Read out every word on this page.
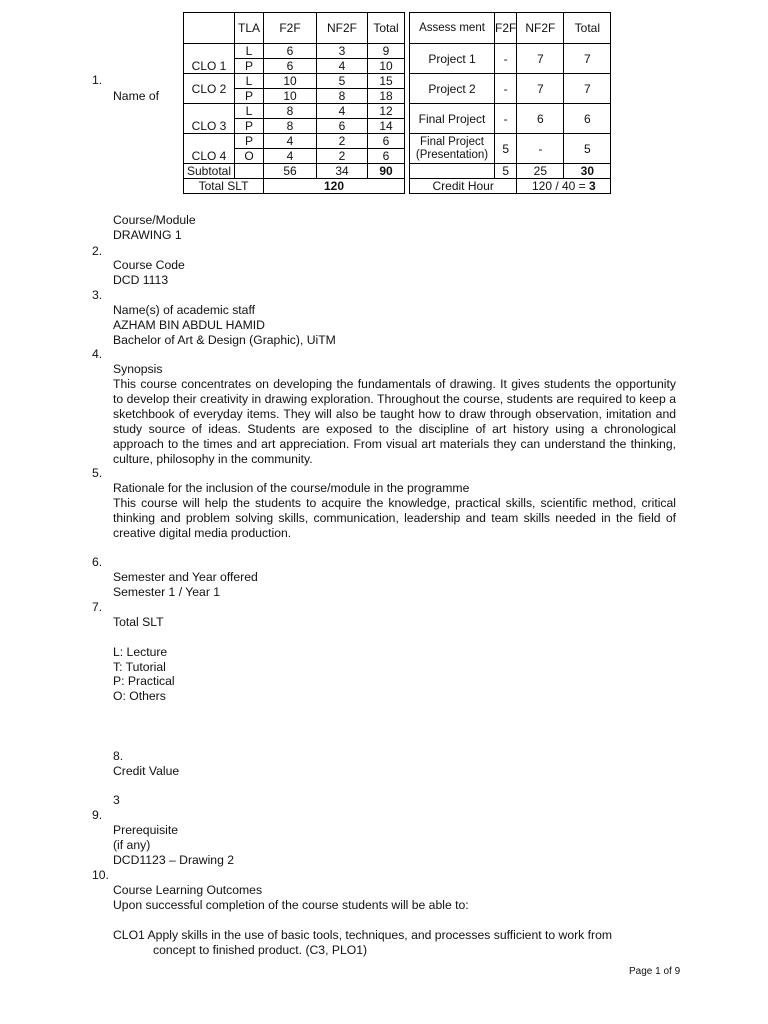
	TLA	F2F	NF2F	Total		Assess ment	F2F	NF2F	Total
CLO 1	L	6	3	9		Project 1	-	7	7
	P	6	4	10					
CLO 2	L	10	5	15		Project 2	-	7	7
	P	10	8	18					
CLO 3	L	8	4	12		Final Project	-	6	6
	P	8	6	14					
CLO 4	P	4	2	6		Final Project (Presentation)	5	-	5
	O	4	2	6					
Subtotal		56	34	90			5	25	30
Total SLT		120				Credit Hour		120 / 40 = 3	
1.
Name of
Course/Module
DRAWING 1
2.
Course Code
DCD 1113
3.
Name(s) of academic staff
AZHAM BIN ABDUL HAMID
Bachelor of Art & Design (Graphic), UiTM
4.
Synopsis
This course concentrates on developing the fundamentals of drawing. It gives students the opportunity to develop their creativity in drawing exploration. Throughout the course, students are required to keep a sketchbook of everyday items. They will also be taught how to draw through observation, imitation and study source of ideas. Students are exposed to the discipline of art history using a chronological approach to the times and art appreciation. From visual art materials they can understand the thinking, culture, philosophy in the community.
5.
Rationale for the inclusion of the course/module in the programme
This course will help the students to acquire the knowledge, practical skills, scientific method, critical thinking and problem solving skills, communication, leadership and team skills needed in the field of creative digital media production.
6.
Semester and Year offered
Semester 1 / Year 1
7.
Total SLT
L: Lecture
T: Tutorial
P: Practical
O: Others
8.
Credit Value
3
9.
Prerequisite
(if any)
DCD1123 – Drawing 2
10.
Course Learning Outcomes
Upon successful completion of the course students will be able to:
CLO1 Apply skills in the use of basic tools, techniques, and processes sufficient to work from
concept to finished product. (C3, PLO1)
Page 1 of 9
